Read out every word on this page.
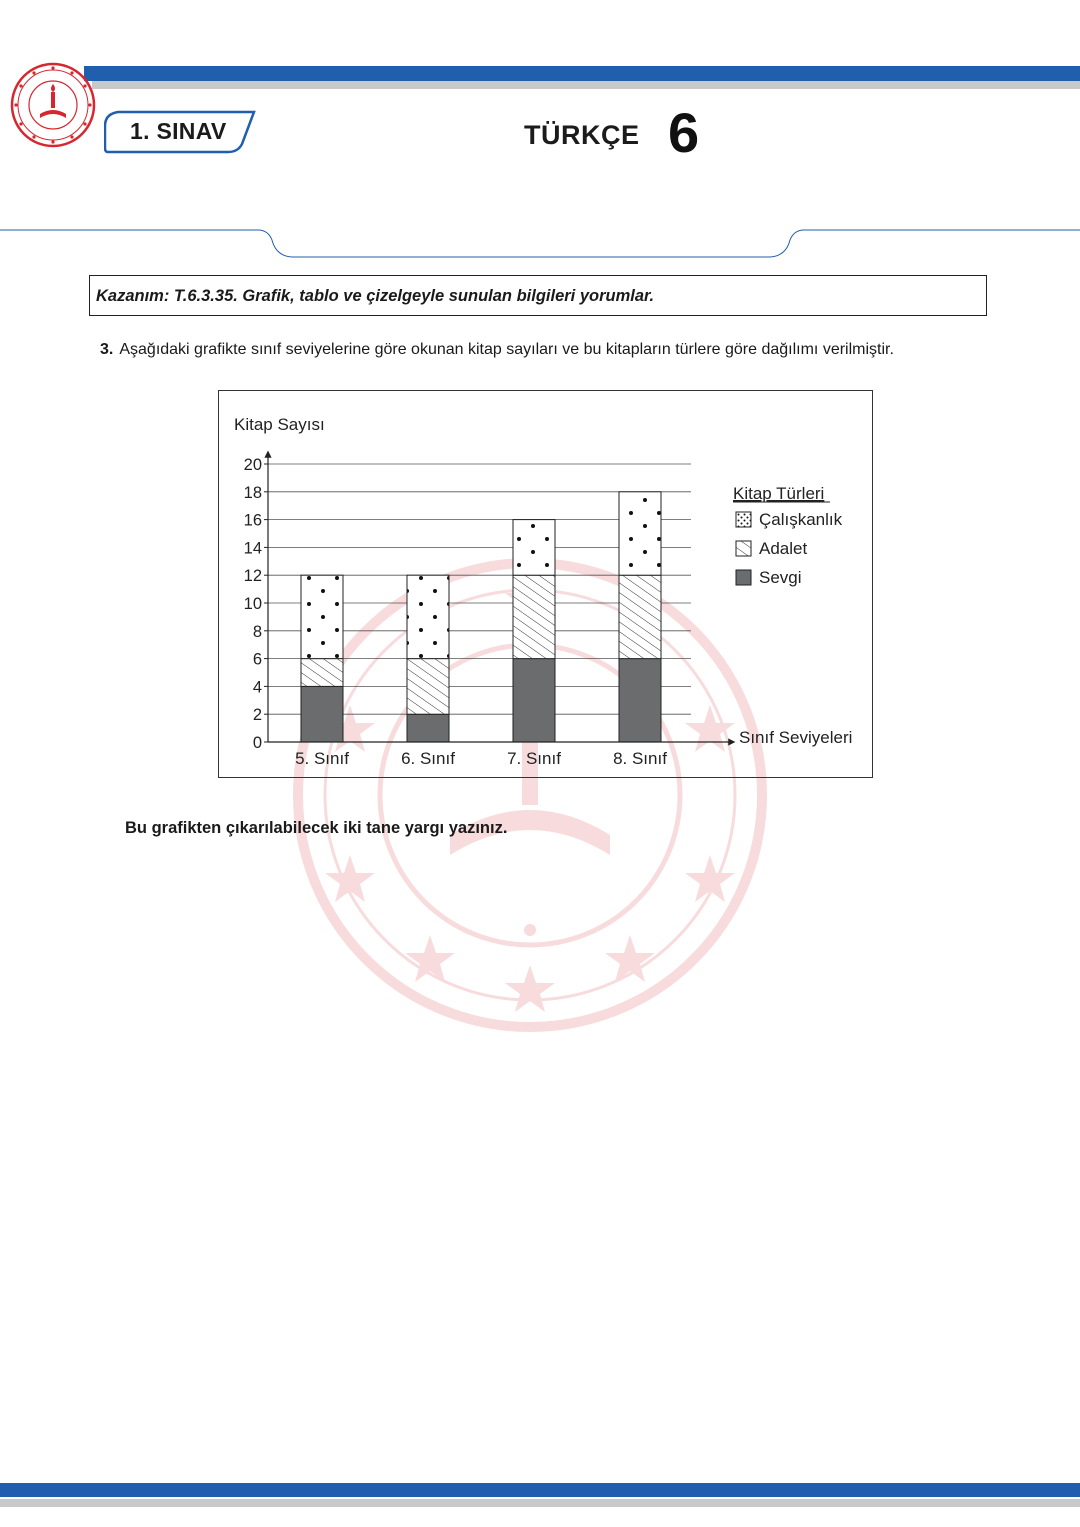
1. SINAV	TÜRKÇE 6
Kazanım: T.6.3.35. Grafik, tablo ve çizelgeyle sunulan bilgileri yorumlar.
3. Aşağıdaki grafikte sınıf seviyelerine göre okunan kitap sayıları ve bu kitapların türlere göre dağılımı verilmiştir.
Kitap Sayısı
Sınıf Seviyeleri
0
2
4
6
8
10
12
14
16
18
20
5. Sınıf	6. Sınıf	7. Sınıf	8. Sınıf
Kitap Türleri
Çalışkanlık
Adalet
Sevgi
Bu grafikten çıkarılabilecek iki tane yargı yazınız.
